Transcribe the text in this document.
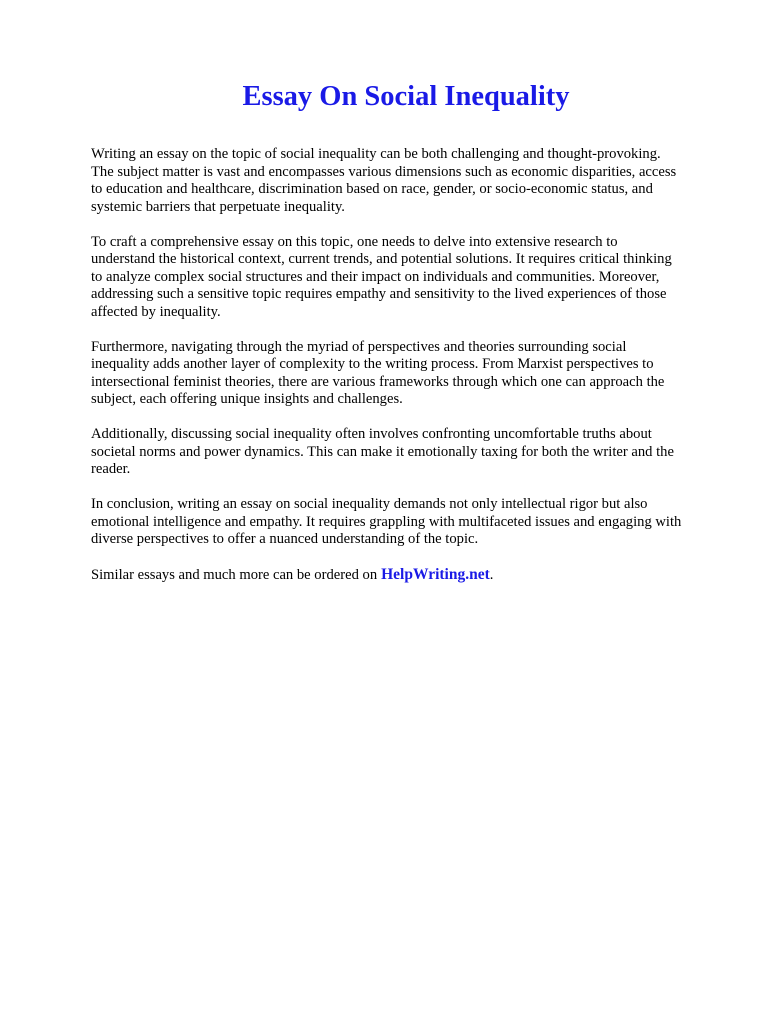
Essay On Social Inequality

Writing an essay on the topic of social inequality can be both challenging and thought-provoking.
The subject matter is vast and encompasses various dimensions such as economic disparities, access
to education and healthcare, discrimination based on race, gender, or socio-economic status, and
systemic barriers that perpetuate inequality.

To craft a comprehensive essay on this topic, one needs to delve into extensive research to
understand the historical context, current trends, and potential solutions. It requires critical thinking
to analyze complex social structures and their impact on individuals and communities. Moreover,
addressing such a sensitive topic requires empathy and sensitivity to the lived experiences of those
affected by inequality.

Furthermore, navigating through the myriad of perspectives and theories surrounding social
inequality adds another layer of complexity to the writing process. From Marxist perspectives to
intersectional feminist theories, there are various frameworks through which one can approach the
subject, each offering unique insights and challenges.

Additionally, discussing social inequality often involves confronting uncomfortable truths about
societal norms and power dynamics. This can make it emotionally taxing for both the writer and the
reader.

In conclusion, writing an essay on social inequality demands not only intellectual rigor but also
emotional intelligence and empathy. It requires grappling with multifaceted issues and engaging with
diverse perspectives to offer a nuanced understanding of the topic.

Similar essays and much more can be ordered on HelpWriting.net.
